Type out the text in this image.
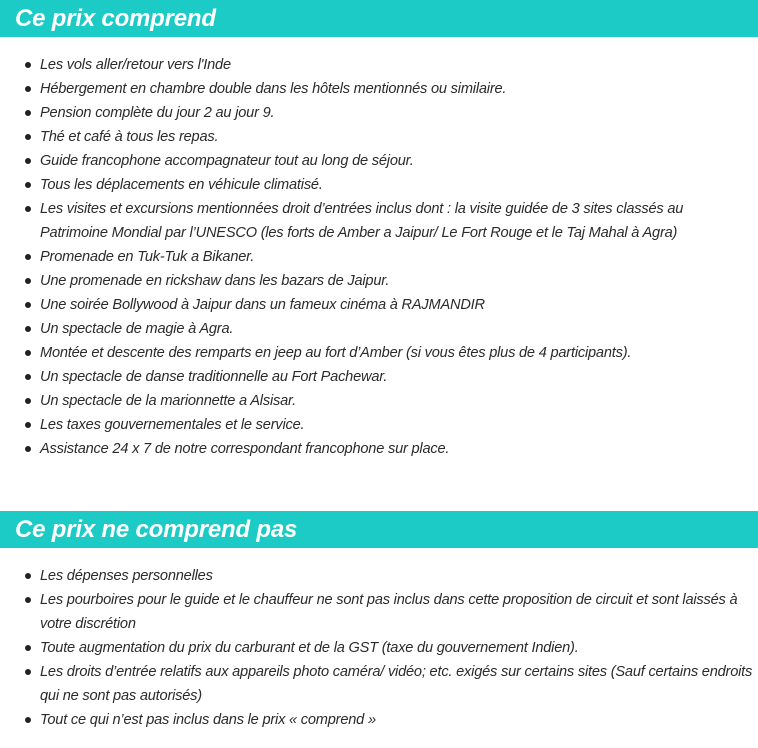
Ce prix comprend
Les vols aller/retour vers l'Inde
Hébergement en chambre double dans les hôtels mentionnés ou similaire.
Pension complète du jour 2 au jour 9.
Thé et café à tous les repas.
Guide francophone accompagnateur tout au long de séjour.
Tous les déplacements en véhicule climatisé.
Les visites et excursions mentionnées droit d’entrées inclus dont : la visite guidée de 3 sites classés au Patrimoine Mondial par l’UNESCO (les forts de Amber a Jaipur/ Le Fort Rouge et le Taj Mahal à Agra)
Promenade en Tuk-Tuk a Bikaner.
Une promenade en rickshaw dans les bazars de Jaipur.
Une soirée Bollywood à Jaipur dans un fameux cinéma à RAJMANDIR
Un spectacle de magie à Agra.
Montée et descente des remparts en jeep au fort d’Amber (si vous êtes plus de 4 participants).
Un spectacle de danse traditionnelle au Fort Pachewar.
Un spectacle de la marionnette a Alsisar.
Les taxes gouvernementales et le service.
Assistance 24 x 7 de notre correspondant francophone sur place.
Ce prix ne comprend pas
Les dépenses personnelles
Les pourboires pour le guide et le chauffeur ne sont pas inclus dans cette proposition de circuit et sont laissés à votre discrétion
Toute augmentation du prix du carburant et de la GST (taxe du gouvernement Indien).
Les droits d’entrée relatifs aux appareils photo caméra/ vidéo; etc. exigés sur certains sites (Sauf certains endroits qui ne sont pas autorisés)
Tout ce qui n’est pas inclus dans le prix « comprend »
